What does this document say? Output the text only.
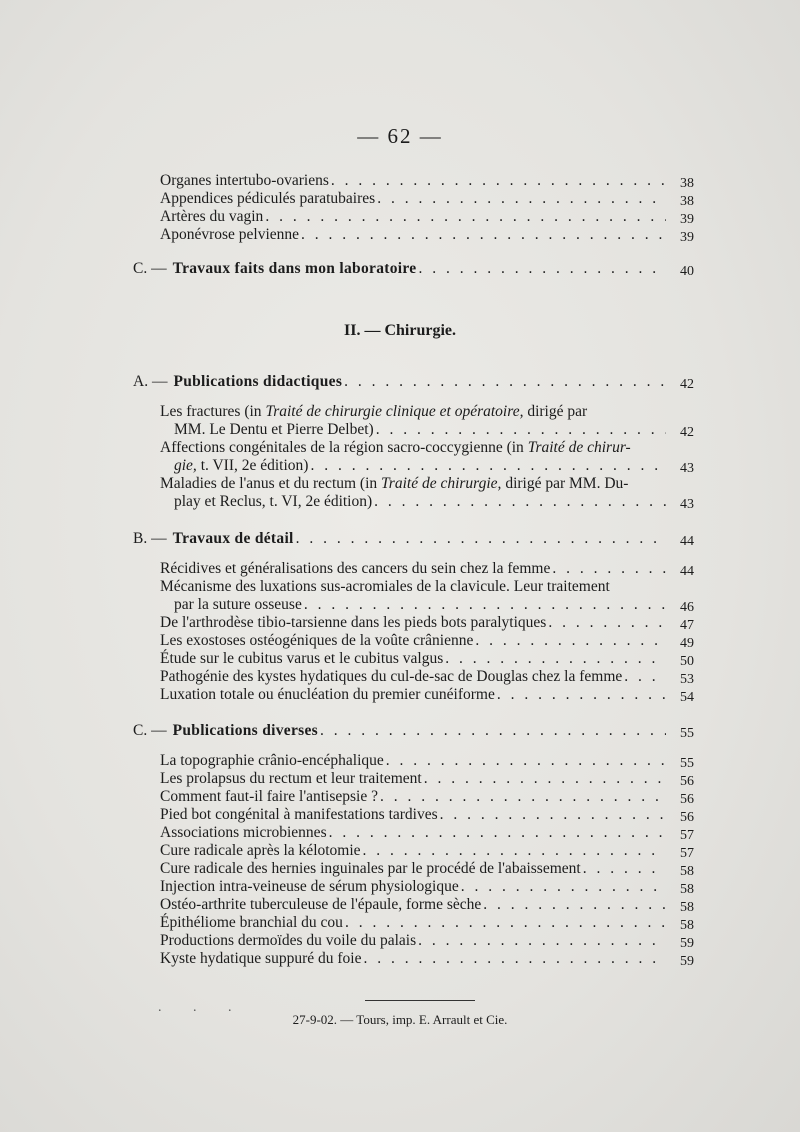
— 62 —
Organes intertubo-ovariens . . .	38
Appendices pédiculés paratubaires . . .	38
Artères du vagin . . .	39
Aponévrose pelvienne . . .	39
C. — Travaux faits dans mon laboratoire . . .	40
II. — Chirurgie.
A. — Publications didactiques . . .	42
Les fractures (in Traité de chirurgie clinique et opératoire, dirigé par
MM. Le Dentu et Pierre Delbet) . . .	42
Affections congénitales de la région sacro-coccygienne (in Traité de chirur-
gie, t. VII, 2e édition) . . .	43
Maladies de l'anus et du rectum (in Traité de chirurgie, dirigé par MM. Du-
play et Reclus, t. VI, 2e édition) . . .	43
B. — Travaux de détail . . .	44
Récidives et généralisations des cancers du sein chez la femme . . .	44
Mécanisme des luxations sus-acromiales de la clavicule. Leur traitement
par la suture osseuse . . .	46
De l'arthrodèse tibio-tarsienne dans les pieds bots paralytiques . . .	47
Les exostoses ostéogéniques de la voûte crânienne . . .	49
Étude sur le cubitus varus et le cubitus valgus . . .	50
Pathogénie des kystes hydatiques du cul-de-sac de Douglas chez la femme . . .	53
Luxation totale ou énucléation du premier cunéiforme . . .	54
C. — Publications diverses . . .	55
La topographie crânio-encéphalique . . .	55
Les prolapsus du rectum et leur traitement . . .	56
Comment faut-il faire l'antisepsie ? . . .	56
Pied bot congénital à manifestations tardives . . .	56
Associations microbiennes . . .	57
Cure radicale après la kélotomie . . .	57
Cure radicale des hernies inguinales par le procédé de l'abaissement . . .	58
Injection intra-veineuse de sérum physiologique . . .	58
Ostéo-arthrite tuberculeuse de l'épaule, forme sèche . . .	58
Épithéliome branchial du cou . . .	58
Productions dermoïdes du voile du palais . . .	59
Kyste hydatique suppuré du foie . . .	59
. . .
27-9-02. — Tours, imp. E. Arrault et Cie.
